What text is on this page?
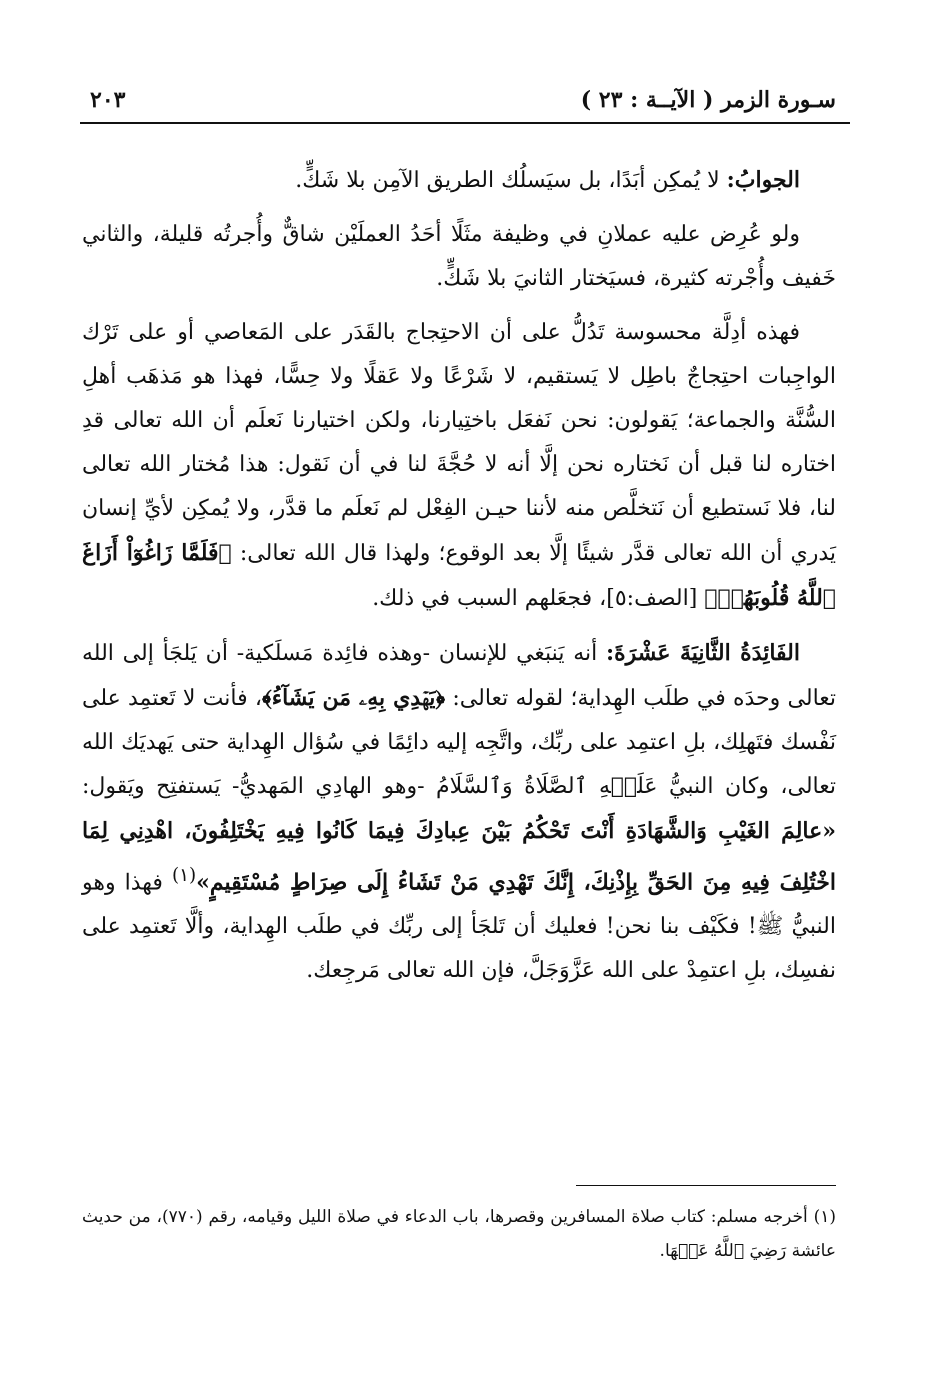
سـورة الزمر ( الآيــة : ٢٣ )
٢٠٣

الجوابُ: لا يُمكِن أبَدًا، بل سيَسلُك الطريق الآمِن بلا شَكٍّ.

ولو عُرِض عليه عملانِ في وظيفة مثَلًا أحَدُ العملَيْن شاقٌّ وأُجرتُه قليلة، والثاني خَفيف وأُجْرته كثيرة، فسيَختار الثانيَ بلا شَكٍّ.

فهذه أدِلَّة محسوسة تَدُلُّ على أن الاحتِجاج بالقَدَر على المَعاصي أو على تَرْك الواجِبات احتِجاجٌ باطِل لا يَستقيم، لا شَرْعًا ولا عَقلًا ولا حِسًّا، فهذا هو مَذهَب أهلِ السُّنَّة والجماعة؛ يَقولون: نحن نَفعَل باختِيارنا، ولكن اختيارنا نَعلَم أن الله تعالى قدِ اختاره لنا قبل أن نَختاره نحن إلَّا أنه لا حُجَّةَ لنا في أن نَقول: هذا مُختار الله تعالى لنا، فلا نَستطيع أن نَتخلَّص منه لأننا حيـن الفِعْل لم نَعلَم ما قدَّر، ولا يُمكِن لأيِّ إنسان يَدري أن الله تعالى قدَّر شيئًا إلَّا بعد الوقوع؛ ولهذا قال الله تعالى: ﴿فَلَمَّا زَاغُوٓاْ أَزَاغَ ٱللَّهُ قُلُوبَهُمۡ﴾ [الصف:٥]، فجعَلهم السبب في ذلك.

الفَائِدَةُ الثَّانِيَةَ عَشْرَةَ: أنه يَنبَغي للإنسان -وهذه فائِدة مَسلَكية- أن يَلجَأ إلى الله تعالى وحدَه في طلَب الهِداية؛ لقوله تعالى: ﴿يَهۡدِي بِهِۦ مَن يَشَآءُ﴾، فأنت لا تَعتمِد على نَفْسك فتَهلِك، بلِ اعتمِد على ربِّك، واتَّجِه إليه دائِمًا في سُؤال الهِداية حتى يَهديَك الله تعالى، وكان النبيُّ عَلَيۡهِ ٱلصَّلَاةُ وَٱلسَّلَامُ -وهو الهادِي المَهديُّ- يَستفتِح ويَقول: «عالِمَ الغَيْبِ وَالشَّهَادَةِ أَنْتَ تَحْكُمُ بَيْنَ عِبادِكَ فِيمَا كَانُوا فِيهِ يَخْتَلِفُونَ، اهْدِنِي لِمَا اخْتُلِفَ فِيهِ مِنَ الحَقِّ بِإِذْنِكَ، إِنَّكَ تَهْدِي مَنْ تَشَاءُ إِلَى صِرَاطٍ مُسْتَقِيمٍ»$^{(١)}$ فهذا وهو النبيُّ ﷺ! فكَيْف بنا نحن! فعليك أن تَلجَأ إلى ربِّك في طلَب الهِداية، وألَّا تَعتمِد على نفسِك، بلِ اعتمِدْ على الله عَزَّوَجَلَّ، فإن الله تعالى مَرجِعك.

(١) أخرجه مسلم: كتاب صلاة المسافرين وقصرها، باب الدعاء في صلاة الليل وقيامه، رقم (٧٧٠)، من حديث عائشة رَضِيَ ٱللَّهُ عَنۡهَا.
